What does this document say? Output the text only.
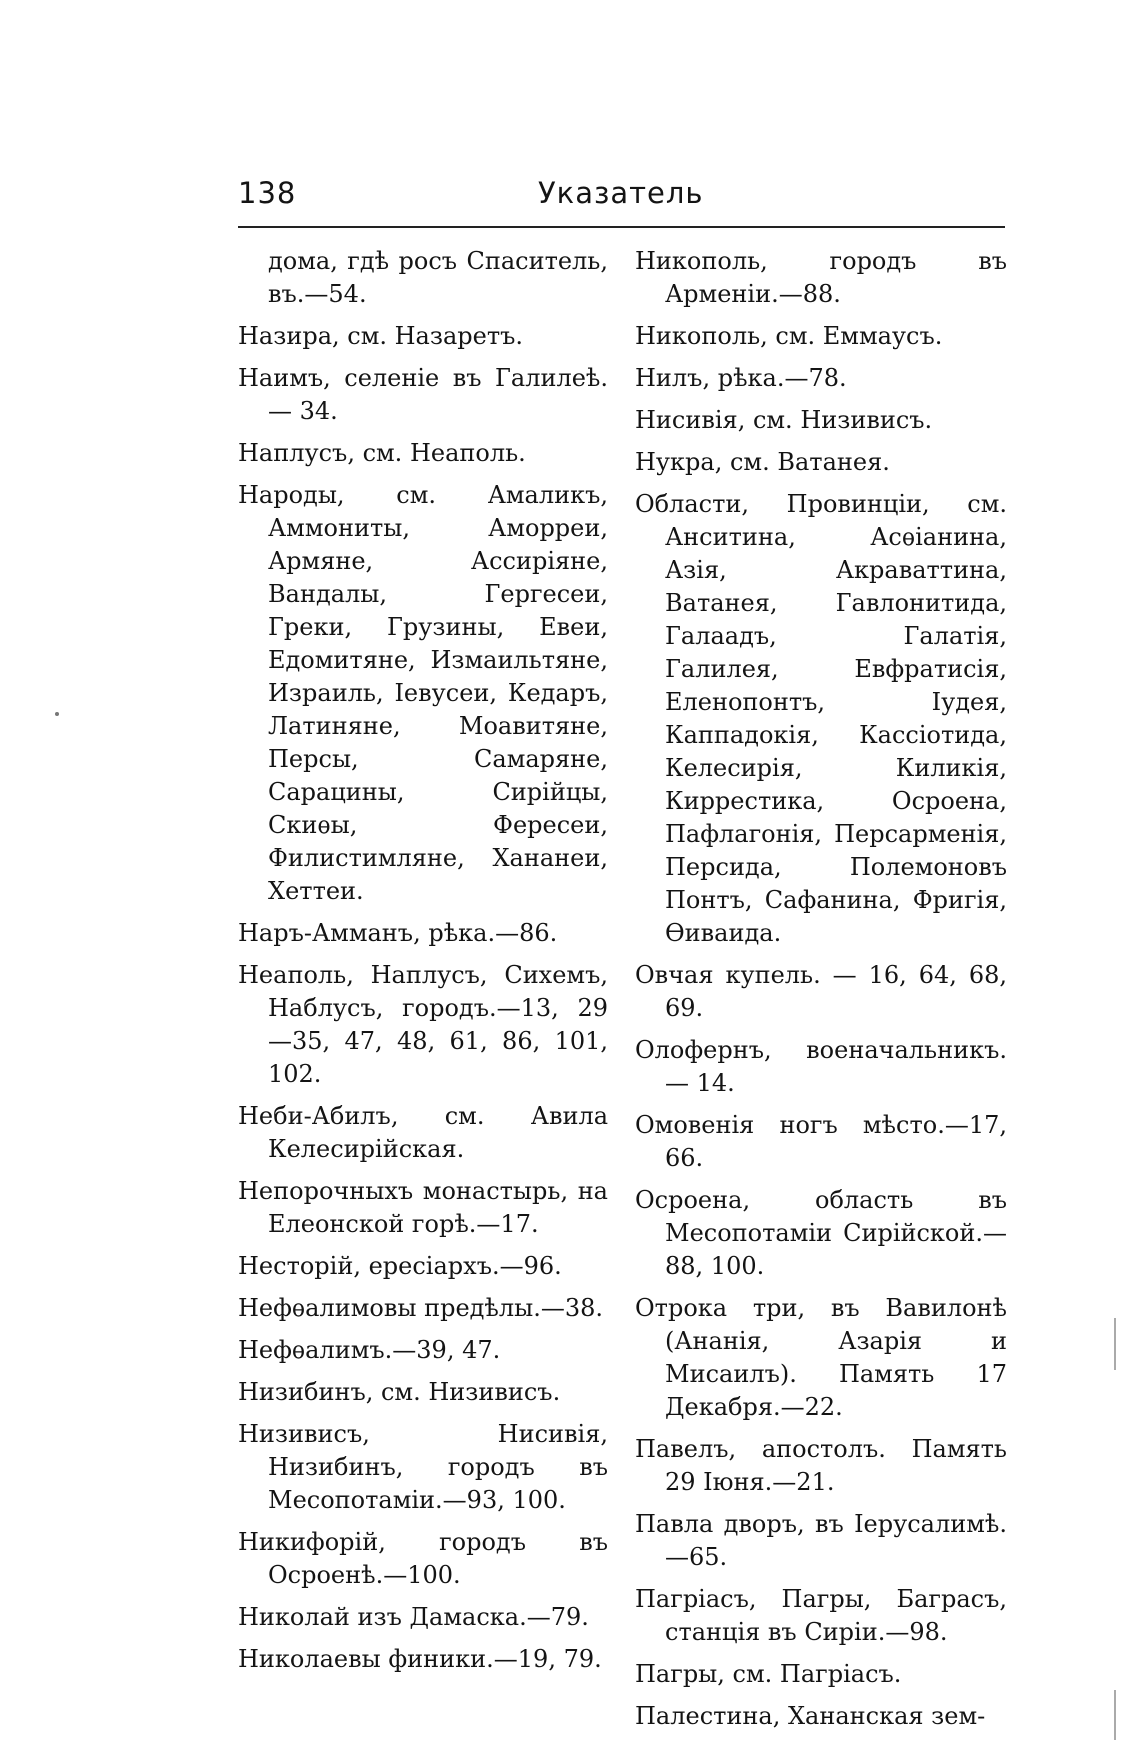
138	Указатель
дома, гдѣ росъ Спаситель, въ.—54.
Назира, см. Назаретъ.
Наимъ, селеніе въ Галилеѣ.— 34.
Наплусъ, см. Неаполь.
Народы, см. Амаликъ, Аммониты, Аморреи, Армяне, Ассиріяне, Вандалы, Гергесеи, Греки, Грузины, Евеи, Едомитяне, Измаильтяне, Израиль, Іевусеи, Кедаръ, Латиняне, Моавитяне, Персы, Самаряне, Сарацины, Сирійцы, Скиѳы, Фересеи, Филистимляне, Хананеи, Хеттеи.
Наръ-Амманъ, рѣка.—86.
Неаполь, Наплусъ, Сихемъ, Наблусъ, городъ.—13, 29—35, 47, 48, 61, 86, 101, 102.
Неби-Абилъ, см. Авила Келесирійская.
Непорочныхъ монастырь, на Елеонской горѣ.—17.
Несторій, ересіархъ.—96.
Нефѳалимовы предѣлы.—38.
Нефѳалимъ.—39, 47.
Низибинъ, см. Низивисъ.
Низивисъ, Нисивія, Низибинъ, городъ въ Месопотаміи.—93, 100.
Никифорій, городъ въ Осроенѣ.—100.
Николай изъ Дамаска.—79.
Николаевы финики.—19, 79.
Никополь, городъ въ Арменіи.—88.
Никополь, см. Еммаусъ.
Нилъ, рѣка.—78.
Нисивія, см. Низивисъ.
Нукра, см. Ватанея.
Области, Провинціи, см. Анситина, Асѳіанина, Азія, Акраваттина, Ватанея, Гавлонитида, Галаадъ, Галатія, Галилея, Евфратисія, Еленопонтъ, Іудея, Каппадокія, Кассіотида, Келесирія, Киликія, Киррестика, Осроена, Пафлагонія, Персарменія, Персида, Полемоновъ Понтъ, Сафанина, Фригія, Ѳиваида.
Овчая купель. — 16, 64, 68, 69.
Олофернъ, военачальникъ. — 14.
Омовенія ногъ мѣсто.—17, 66.
Осроена, область въ Месопотаміи Сирійской.—88, 100.
Отрока три, въ Вавилонѣ (Ананія, Азарія и Мисаилъ). Память 17 Декабря.—22.
Павелъ, апостолъ. Память 29 Іюня.—21.
Павла дворъ, въ Іерусалимѣ. —65.
Пагріасъ, Пагры, Баграсъ, станція въ Сиріи.—98.
Пагры, см. Пагріасъ.
Палестина, Хананская зем-
